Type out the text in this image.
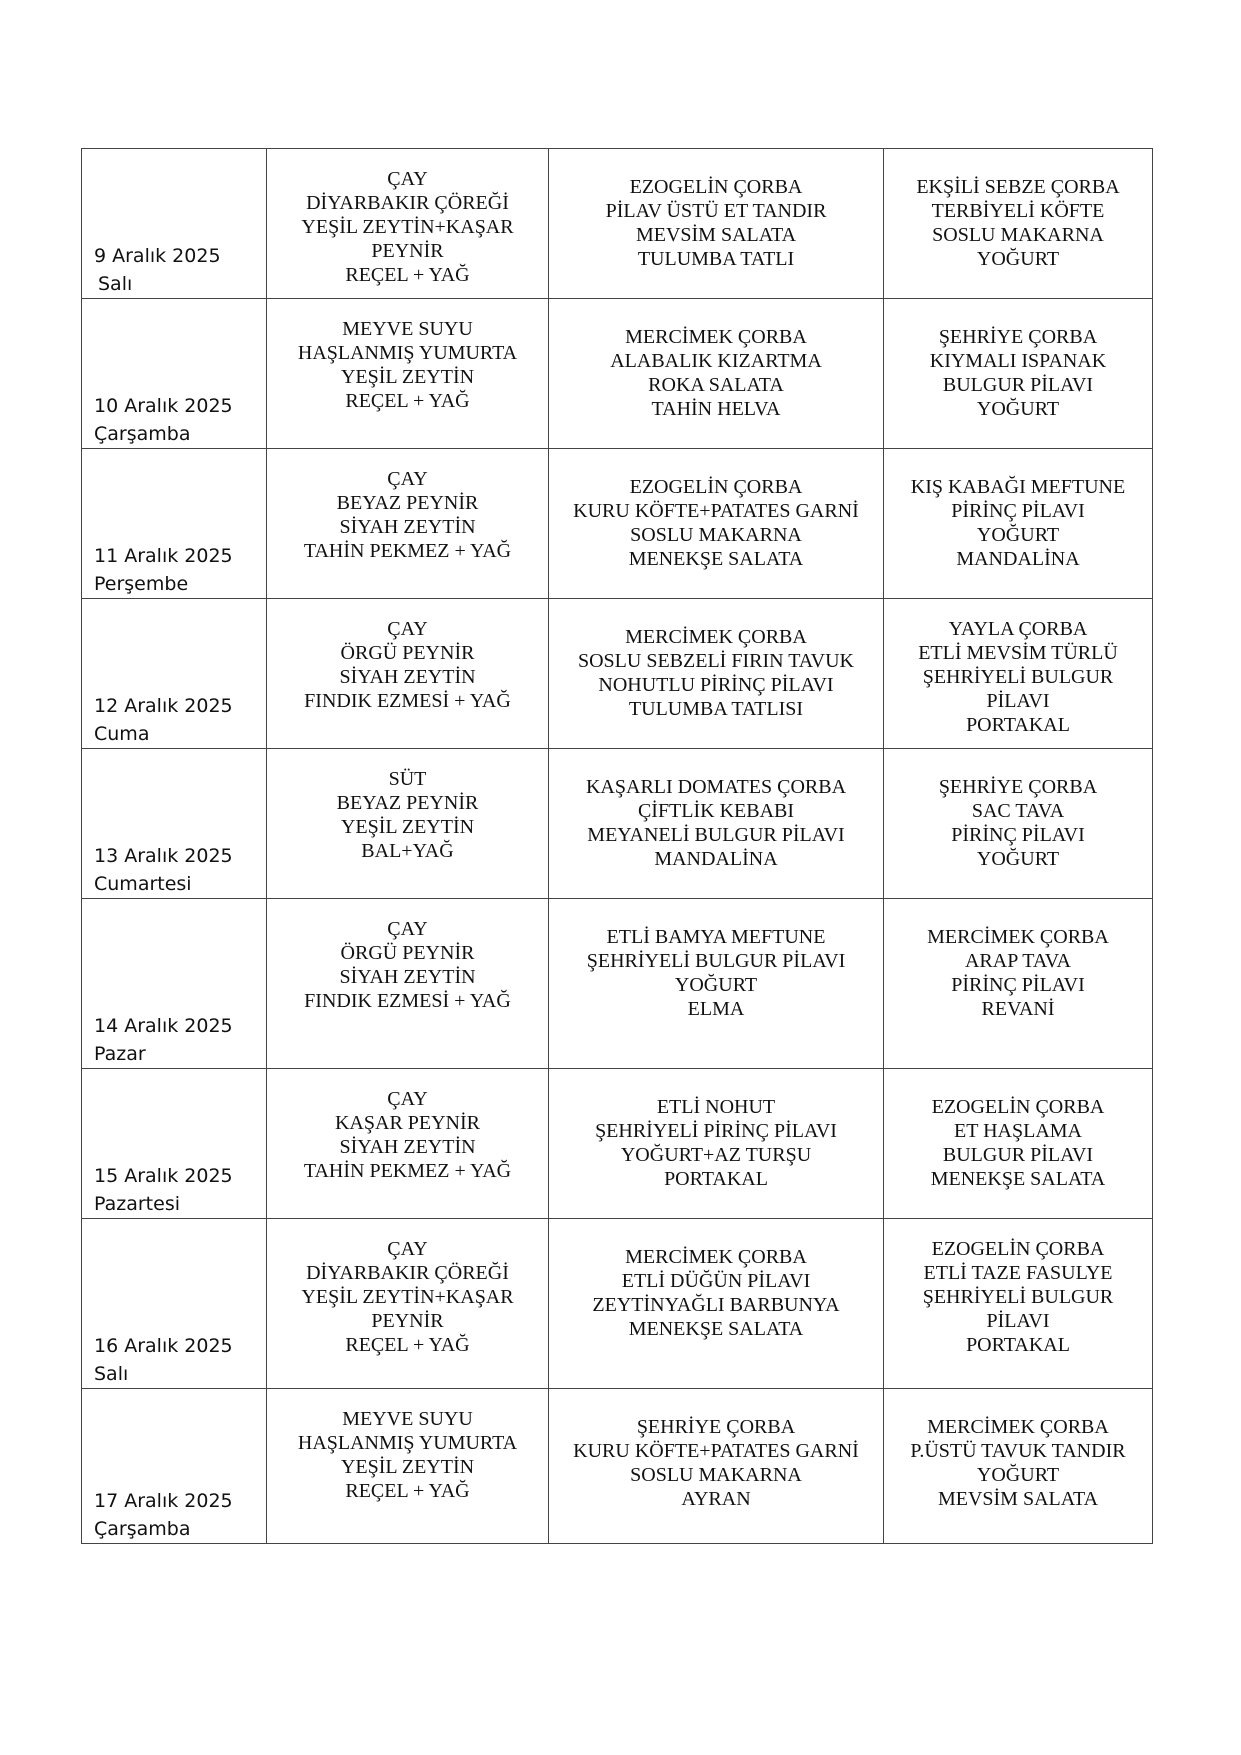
9 Aralık 2025
Salı	ÇAY
DİYARBAKIR ÇÖREĞİ
YEŞİL ZEYTİN+KAŞAR
PEYNİR
REÇEL + YAĞ	EZOGELİN ÇORBA
PİLAV ÜSTÜ ET TANDIR
MEVSİM SALATA
TULUMBA TATLI	EKŞİLİ SEBZE ÇORBA
TERBİYELİ KÖFTE
SOSLU MAKARNA
YOĞURT

10 Aralık 2025
Çarşamba	MEYVE SUYU
HAŞLANMIŞ YUMURTA
YEŞİL ZEYTİN
REÇEL + YAĞ	MERCİMEK ÇORBA
ALABALIK KIZARTMA
ROKA SALATA
TAHİN HELVA	ŞEHRİYE ÇORBA
KIYMALI ISPANAK
BULGUR PİLAVI
YOĞURT

11 Aralık 2025
Perşembe	ÇAY
BEYAZ PEYNİR
SİYAH ZEYTİN
TAHİN PEKMEZ + YAĞ	EZOGELİN ÇORBA
KURU KÖFTE+PATATES GARNİ
SOSLU MAKARNA
MENEKŞE SALATA	KIŞ KABAĞI MEFTUNE
PİRİNÇ PİLAVI
YOĞURT
MANDALİNA

12 Aralık 2025
Cuma	ÇAY
ÖRGÜ PEYNİR
SİYAH ZEYTİN
FINDIK EZMESİ + YAĞ	MERCİMEK ÇORBA
SOSLU SEBZELİ FIRIN TAVUK
NOHUTLU PİRİNÇ PİLAVI
TULUMBA TATLISI	YAYLA ÇORBA
ETLİ MEVSİM TÜRLÜ
ŞEHRİYELİ BULGUR
PİLAVI
PORTAKAL

13 Aralık 2025
Cumartesi	SÜT
BEYAZ PEYNİR
YEŞİL ZEYTİN
BAL+YAĞ	KAŞARLI DOMATES ÇORBA
ÇİFTLİK KEBABI
MEYANELİ BULGUR PİLAVI
MANDALİNA	ŞEHRİYE ÇORBA
SAC TAVA
PİRİNÇ PİLAVI
YOĞURT

14 Aralık 2025
Pazar	ÇAY
ÖRGÜ PEYNİR
SİYAH ZEYTİN
FINDIK EZMESİ + YAĞ	ETLİ BAMYA MEFTUNE
ŞEHRİYELİ BULGUR PİLAVI
YOĞURT
ELMA	MERCİMEK ÇORBA
ARAP TAVA
PİRİNÇ PİLAVI
REVANİ

15 Aralık 2025
Pazartesi	ÇAY
KAŞAR PEYNİR
SİYAH ZEYTİN
TAHİN PEKMEZ + YAĞ	ETLİ NOHUT
ŞEHRİYELİ PİRİNÇ PİLAVI
YOĞURT+AZ TURŞU
PORTAKAL	EZOGELİN ÇORBA
ET HAŞLAMA
BULGUR PİLAVI
MENEKŞE SALATA

16 Aralık 2025
Salı	ÇAY
DİYARBAKIR ÇÖREĞİ
YEŞİL ZEYTİN+KAŞAR
PEYNİR
REÇEL + YAĞ	MERCİMEK ÇORBA
ETLİ DÜĞÜN PİLAVI
ZEYTİNYAĞLI BARBUNYA
MENEKŞE SALATA	EZOGELİN ÇORBA
ETLİ TAZE FASULYE
ŞEHRİYELİ BULGUR
PİLAVI
PORTAKAL

17 Aralık 2025
Çarşamba	MEYVE SUYU
HAŞLANMIŞ YUMURTA
YEŞİL ZEYTİN
REÇEL + YAĞ	ŞEHRİYE ÇORBA
KURU KÖFTE+PATATES GARNİ
SOSLU MAKARNA
AYRAN	MERCİMEK ÇORBA
P.ÜSTÜ TAVUK TANDIR
YOĞURT
MEVSİM SALATA
